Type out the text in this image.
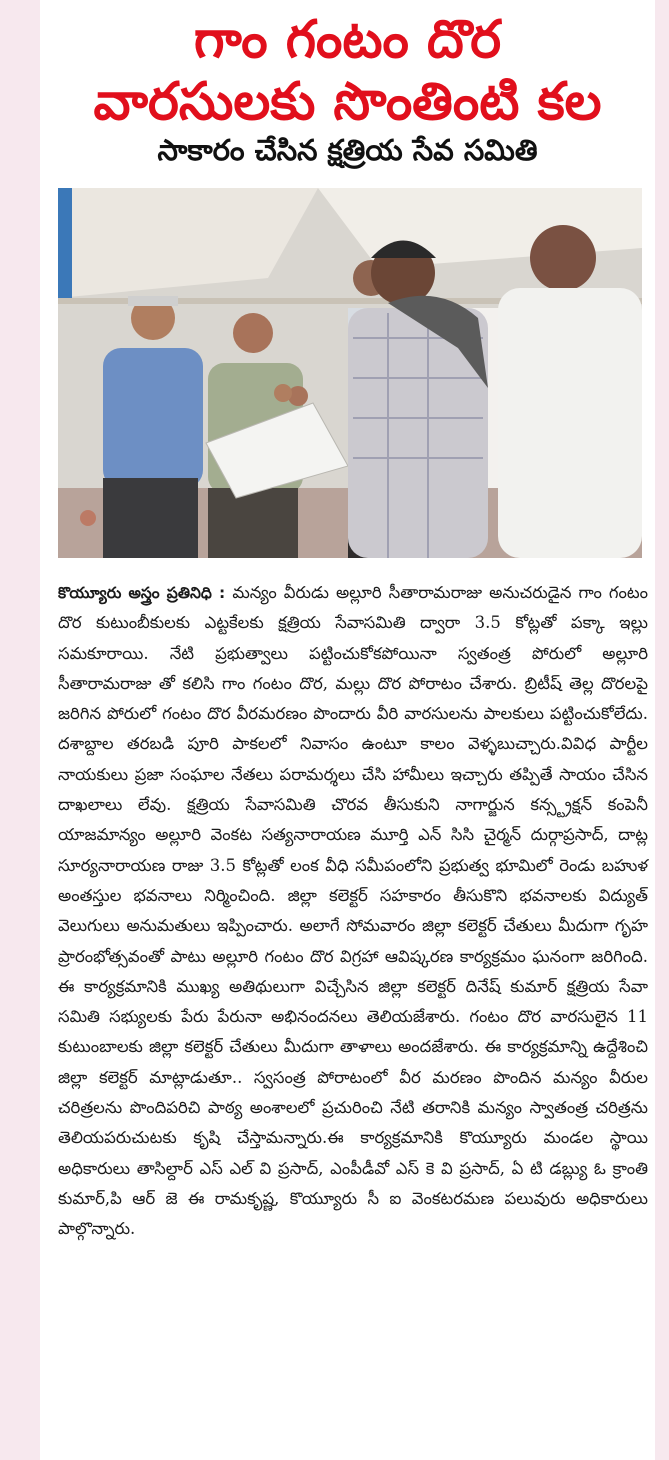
గాం గంటం దొర
వారసులకు సొంతింటి కల
సాకారం చేసిన క్షత్రియ సేవ సమితి
కొయ్యూరు అస్త్రం ప్రతినిధి : మన్యం వీరుడు అల్లూరి సీతారామరాజు అనుచరుడైన గాం గంటం దొర కుటుంబీకులకు ఎట్టకేలకు క్షత్రియ సేవాసమితి ద్వారా 3.5 కోట్లతో పక్కా ఇల్లు సమకూరాయి. నేటి ప్రభుత్వాలు పట్టించుకోకపోయినా స్వతంత్ర పోరులో అల్లూరి సీతారామరాజు తో కలిసి గాం గంటం దొర, మల్లు దొర పోరాటం చేశారు. బ్రిటీష్ తెల్ల దొరలపై జరిగిన పోరులో గంటం దొర వీరమరణం పొందారు వీరి వారసులను పాలకులు పట్టించుకోలేదు. దశాబ్దాల తరబడి పూరి పాకలలో నివాసం ఉంటూ కాలం వెళ్ళబుచ్చారు.వివిధ పార్టీల నాయకులు ప్రజా సంఘాల నేతలు పరామర్శలు చేసి హామీలు ఇచ్చారు తప్పితే సాయం చేసిన దాఖలాలు లేవు. క్షత్రియ సేవాసమితి చొరవ తీసుకుని నాగార్జున కన్స్ట్రక్షన్ కంపెనీ యాజమాన్యం అల్లూరి వెంకట సత్యనారాయణ మూర్తి ఎన్ సిసి చైర్మన్ దుర్గాప్రసాద్, దాట్ల సూర్యనారాయణ రాజు 3.5 కోట్లతో లంక వీధి సమీపంలోని ప్రభుత్వ భూమిలో రెండు బహుళ అంతస్తుల భవనాలు నిర్మించింది. జిల్లా కలెక్టర్ సహకారం తీసుకొని భవనాలకు విద్యుత్ వెలుగులు అనుమతులు ఇప్పించారు. అలాగే సోమవారం జిల్లా కలెక్టర్ చేతులు మీదుగా గృహ ప్రారంభోత్సవంతో పాటు అల్లూరి గంటం దొర విగ్రహా ఆవిష్కరణ కార్యక్రమం ఘనంగా జరిగింది. ఈ కార్యక్రమానికి ముఖ్య అతిథులుగా విచ్చేసిన జిల్లా కలెక్టర్ దినేష్ కుమార్ క్షత్రియ సేవా సమితి సభ్యులకు పేరు పేరునా అభినందనలు తెలియజేశారు. గంటం దొర వారసులైన 11 కుటుంబాలకు జిల్లా కలెక్టర్ చేతులు మీదుగా తాళాలు అందజేశారు. ఈ కార్యక్రమాన్ని ఉద్దేశించి జిల్లా కలెక్టర్ మాట్లాడుతూ.. స్వసంత్ర పోరాటంలో వీర మరణం పొందిన మన్యం వీరుల చరిత్రలను పొందిపరిచి పాఠ్య అంశాలలో ప్రచురించి నేటి తరానికి మన్యం స్వాతంత్ర చరిత్రను తెలియపరుచుటకు కృషి చేస్తామన్నారు.ఈ కార్యక్రమానికి కొయ్యూరు మండల స్థాయి అధికారులు తాసిల్దార్ ఎస్ ఎల్ వి ప్రసాద్, ఎంపీడీవో ఎస్ కె వి ప్రసాద్, ఏ టి డబ్ల్యు ఓ క్రాంతి కుమార్,పి ఆర్ జె ఈ రామకృష్ణ, కొయ్యూరు సీ ఐ వెంకటరమణ పలువురు అధికారులు పాల్గొన్నారు.
